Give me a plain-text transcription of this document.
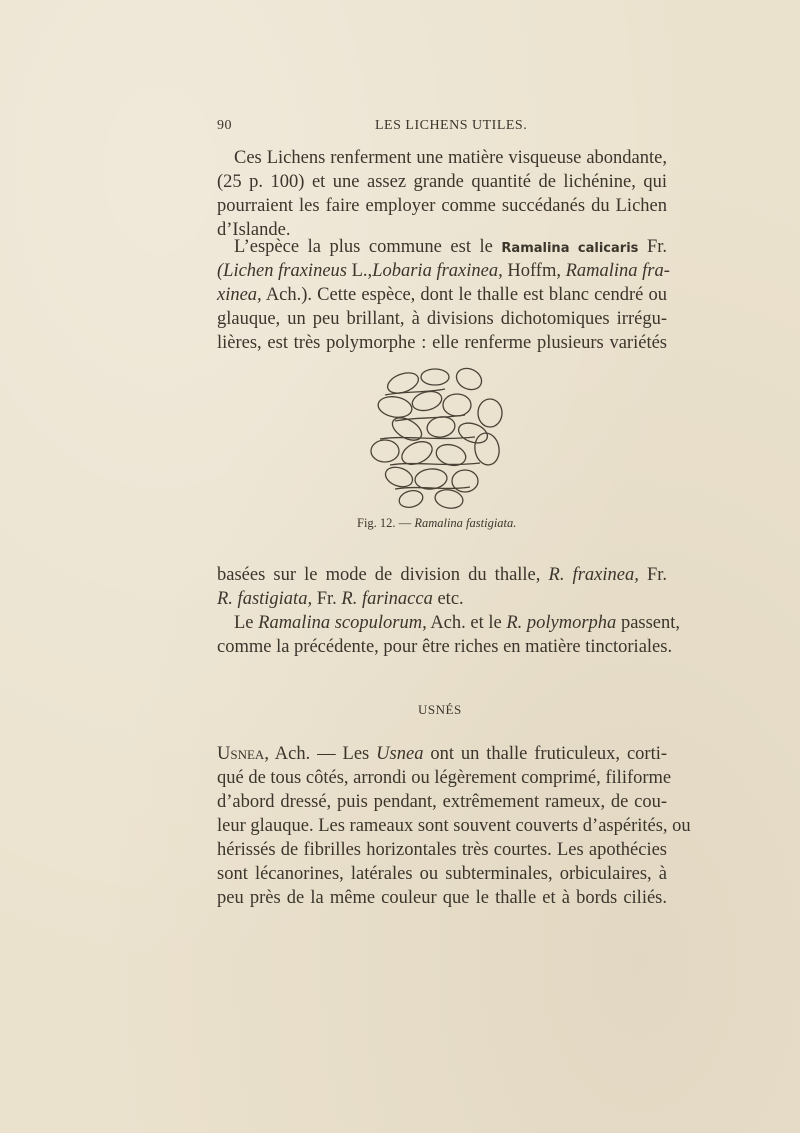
90	LES LICHENS UTILES.
Ces Lichens renferment une matière visqueuse abondante,
(25 p. 100) et une assez grande quantité de lichénine, qui
pourraient les faire employer comme succédanés du Lichen
d’Islande.
L’espèce la plus commune est le Ramalina calicaris Fr.
(Lichen fraxineus L.,Lobaria fraxinea, Hoffm, Ramalina fra-
xinea, Ach.). Cette espèce, dont le thalle est blanc cendré ou
glauque, un peu brillant, à divisions dichotomiques irrégu-
lières, est très polymorphe : elle renferme plusieurs variétés
Fig. 12. — Ramalina fastigiata.
basées sur le mode de division du thalle, R. fraxinea, Fr.
R. fastigiata, Fr. R. farinacca etc.
Le Ramalina scopulorum, Ach. et le R. polymorpha passent,
comme la précédente, pour être riches en matière tinctoriales.
USNÉS
Usnea, Ach. — Les Usnea ont un thalle fruticuleux, corti-
qué de tous côtés, arrondi ou légèrement comprimé, filiforme
d’abord dressé, puis pendant, extrêmement rameux, de cou-
leur glauque. Les rameaux sont souvent couverts d’aspérités, ou
hérissés de fibrilles horizontales très courtes. Les apothécies
sont lécanorines, latérales ou subterminales, orbiculaires, à
peu près de la même couleur que le thalle et à bords ciliés.
